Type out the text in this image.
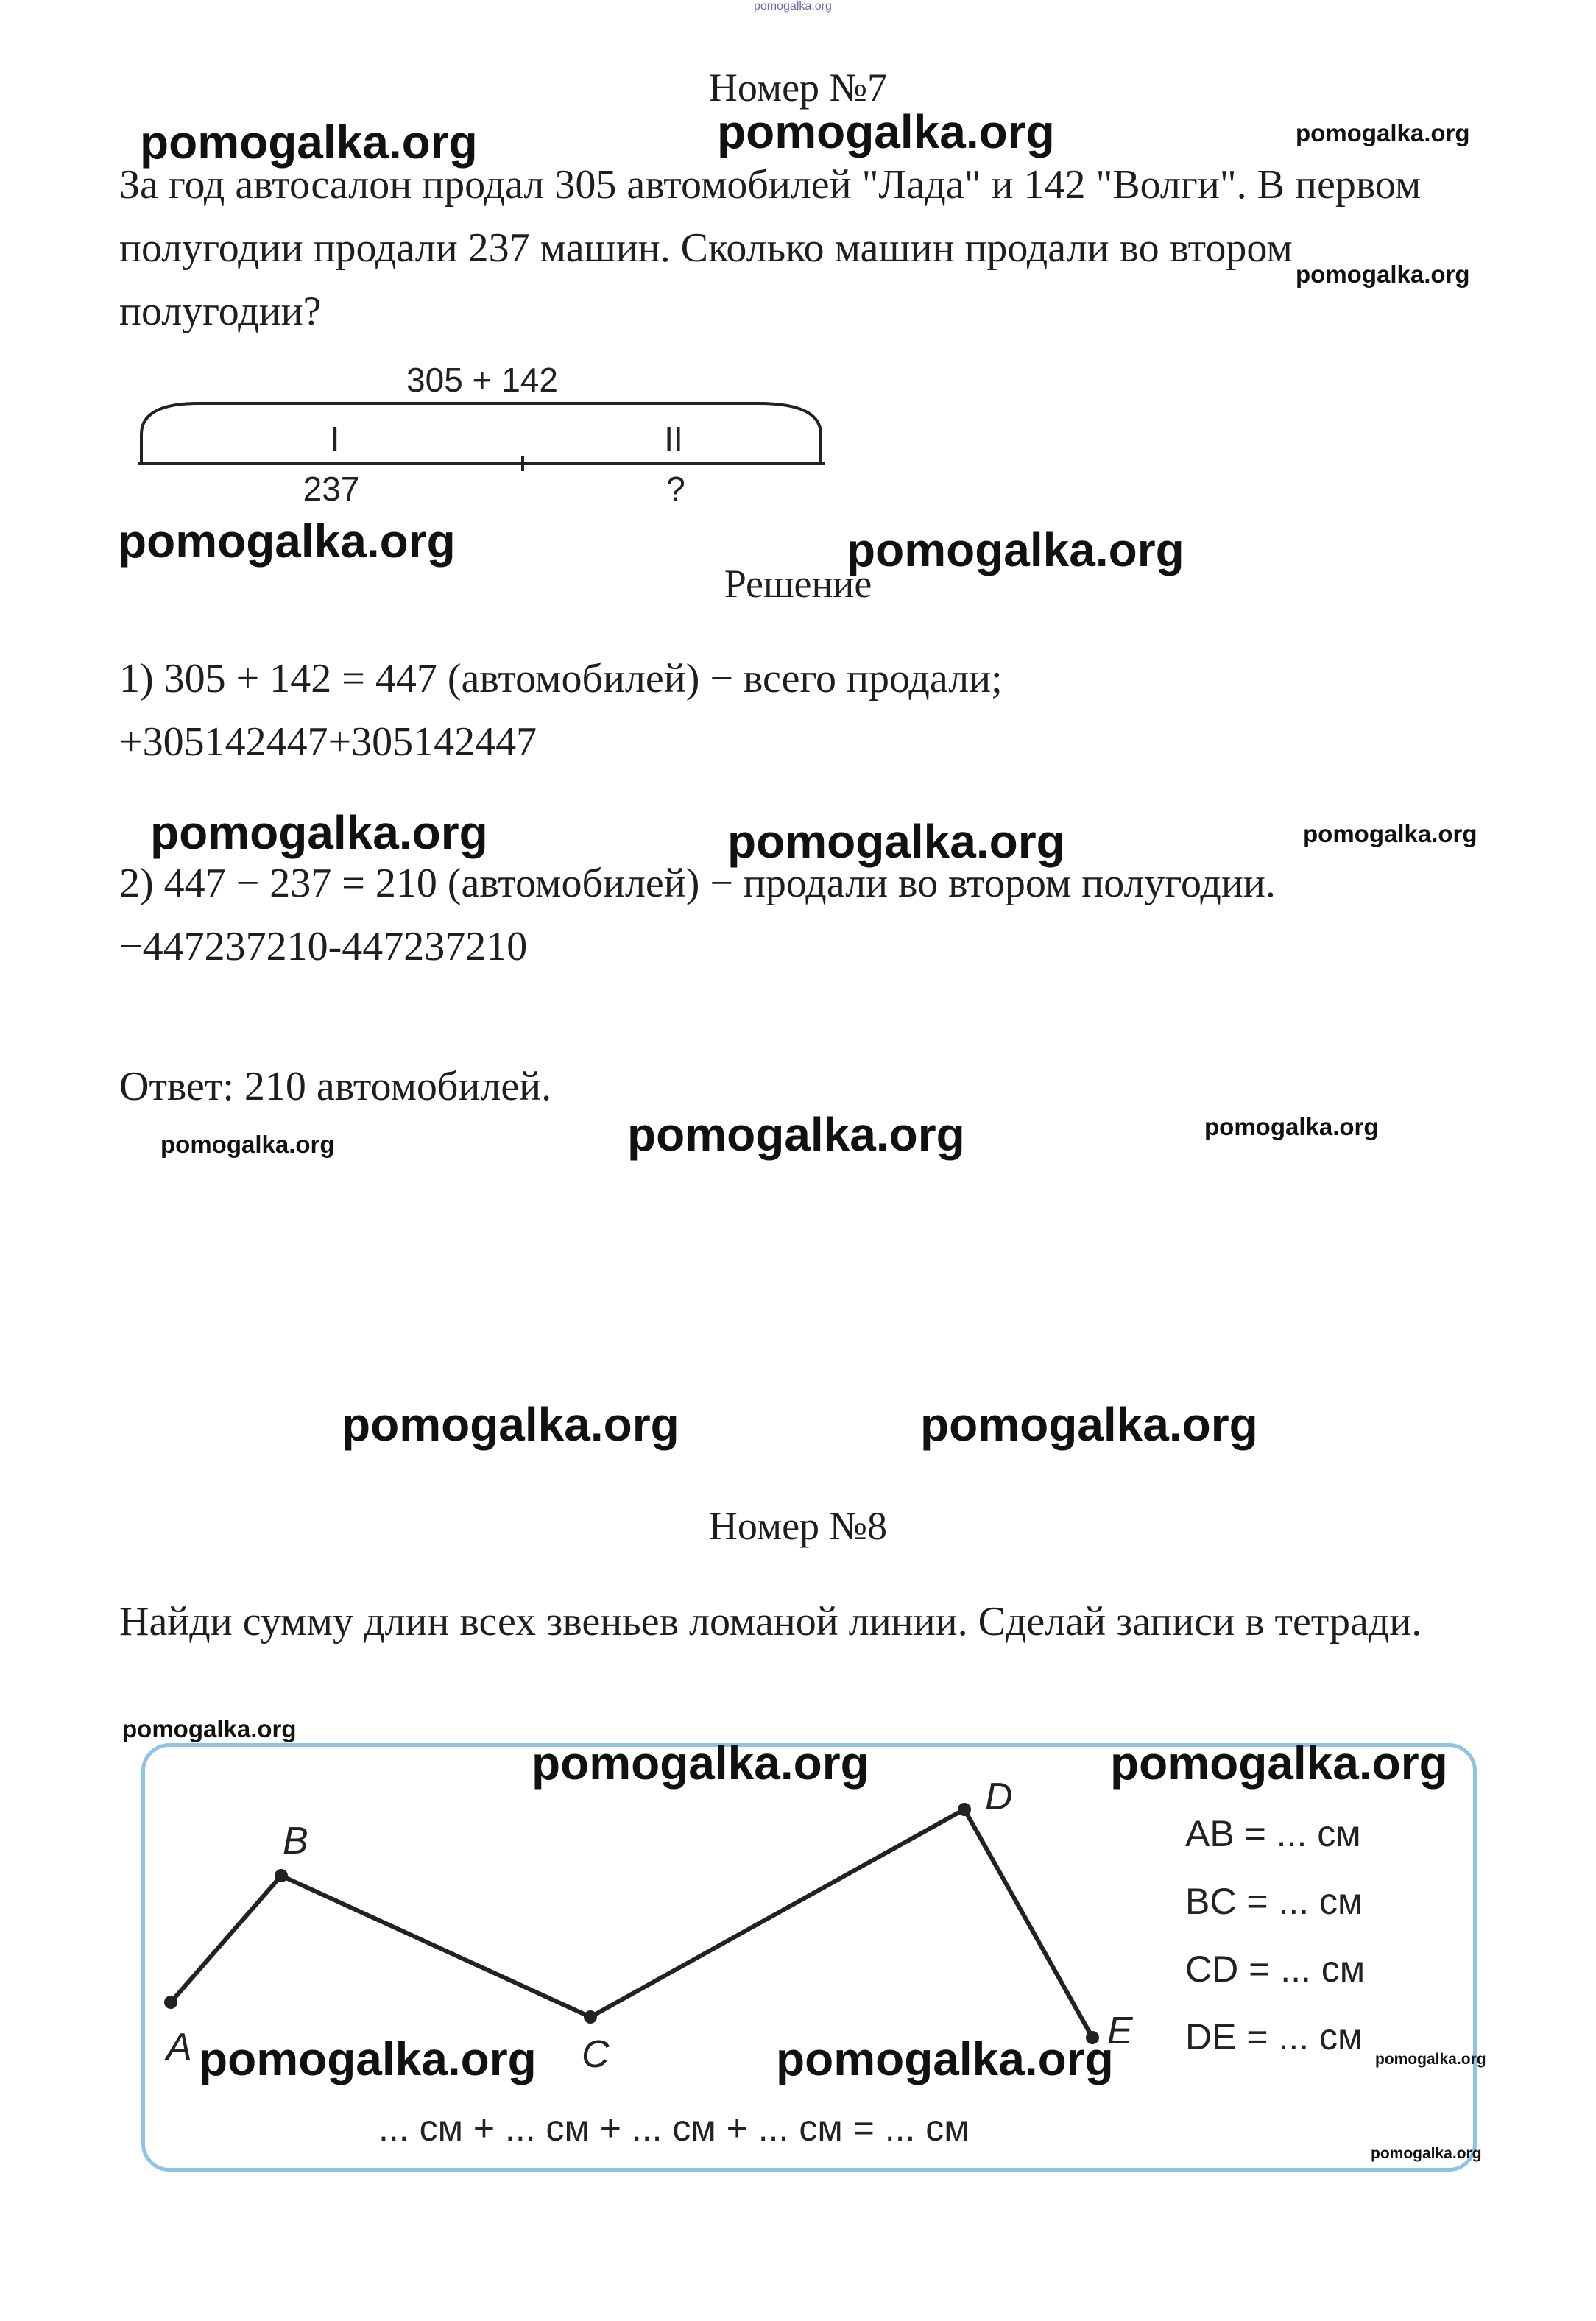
pomogalka.org
Номер №7
За год автосалон продал 305 автомобилей "Лада" и 142 "Волги". В первом полугодии продали 237 машин. Сколько машин продали во втором полугодии?
305 + 142
I	II
237	?
Решение
1) 305 + 142 = 447 (автомобилей) − всего продали;
+305142447+305142447
2) 447 − 237 = 210 (автомобилей) − продали во втором полугодии.
−447237210-447237210
Ответ: 210 автомобилей.
Номер №8
Найди сумму длин всех звеньев ломаной линии. Сделай записи в тетради.
A
B
C
D
E
AB = ... см
BC = ... см
CD = ... см
DE = ... см
... см + ... см + ... см + ... см = ... см
pomogalka.org	pomogalka.org	pomogalka.org
pomogalka.org
pomogalka.org	pomogalka.org
pomogalka.org	pomogalka.org	pomogalka.org
pomogalka.org	pomogalka.org	pomogalka.org
pomogalka.org	pomogalka.org
pomogalka.org
pomogalka.org	pomogalka.org
pomogalka.org	pomogalka.org	pomogalka.org
pomogalka.org
